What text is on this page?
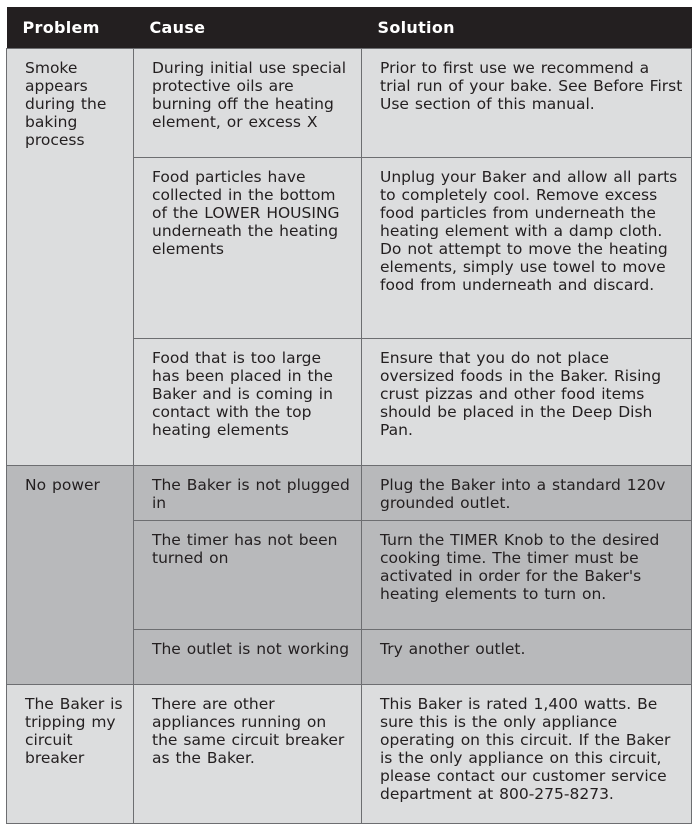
Problem	Cause	Solution
Smoke appears during the baking process	During initial use special protective oils are burning off the heating element, or excess X	Prior to first use we recommend a trial run of your bake. See Before First Use section of this manual.
	Food particles have collected in the bottom of the LOWER HOUSING underneath the heating elements	Unplug your Baker and allow all parts to completely cool. Remove excess food particles from underneath the heating element with a damp cloth. Do not attempt to move the heating elements, simply use towel to move food from underneath and discard.
	Food that is too large has been placed in the Baker and is coming in contact with the top heating elements	Ensure that you do not place oversized foods in the Baker. Rising crust pizzas and other food items should be placed in the Deep Dish Pan.
No power	The Baker is not plugged in	Plug the Baker into a standard 120v grounded outlet.
	The timer has not been turned on	Turn the TIMER Knob to the desired cooking time. The timer must be activated in order for the Baker's heating elements to turn on.
	The outlet is not working	Try another outlet.
The Baker is tripping my circuit breaker	There are other appliances running on the same circuit breaker as the Baker.	This Baker is rated 1,400 watts. Be sure this is the only appliance operating on this circuit. If the Baker is the only appliance on this circuit, please contact our customer service department at 800-275-8273.
